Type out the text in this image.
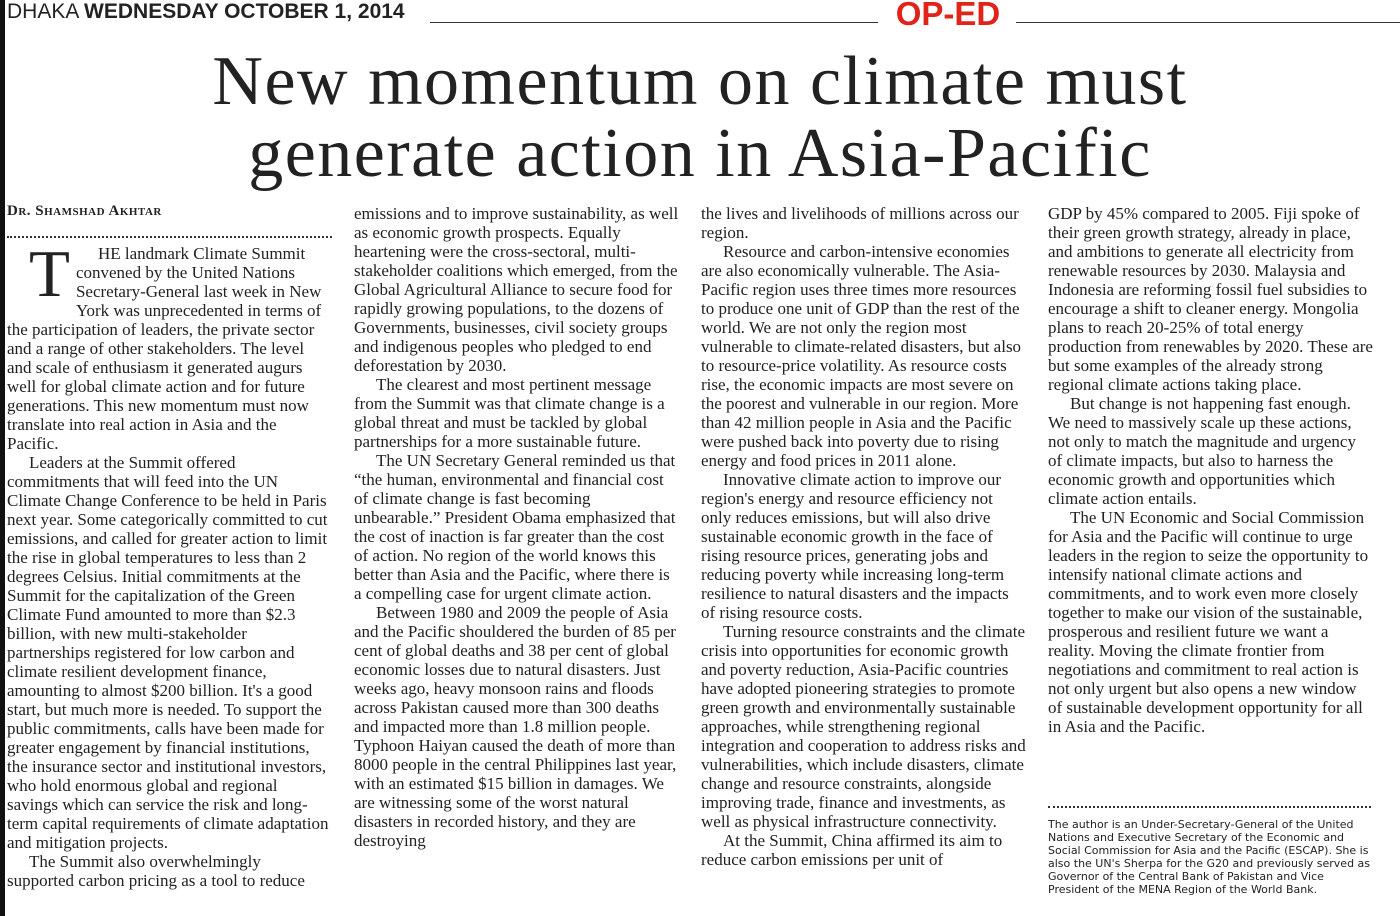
DHAKA WEDNESDAY OCTOBER 1, 2014	OP-ED
New momentum on climate must
generate action in Asia-Pacific
Dr. Shamshad Akhtar

T HE landmark Climate Summit convened by the United Nations Secretary-General last week in New York was unprecedented in terms of the participation of leaders, the private sector and a range of other stakeholders. The level and scale of enthusiasm it generated augurs well for global climate action and for future generations. This new momentum must now translate into real action in Asia and the Pacific.

Leaders at the Summit offered commitments that will feed into the UN Climate Change Conference to be held in Paris next year. Some categorically committed to cut emissions, and called for greater action to limit the rise in global temperatures to less than 2 degrees Celsius. Initial commitments at the Summit for the capitalization of the Green Climate Fund amounted to more than $2.3 billion, with new multi-stakeholder partnerships registered for low carbon and climate resilient development finance, amounting to almost $200 billion. It's a good start, but much more is needed. To support the public commitments, calls have been made for greater engagement by financial institutions, the insurance sector and institutional investors, who hold enormous global and regional savings which can service the risk and long-term capital requirements of climate adaptation and mitigation projects.

The Summit also overwhelmingly supported carbon pricing as a tool to reduce

emissions and to improve sustainability, as well as economic growth prospects. Equally heartening were the cross-sectoral, multi-stakeholder coalitions which emerged, from the Global Agricultural Alliance to secure food for rapidly growing populations, to the dozens of Governments, businesses, civil society groups and indigenous peoples who pledged to end deforestation by 2030.

The clearest and most pertinent message from the Summit was that climate change is a global threat and must be tackled by global partnerships for a more sustainable future.

The UN Secretary General reminded us that “the human, environmental and financial cost of climate change is fast becoming unbearable.” President Obama emphasized that the cost of inaction is far greater than the cost of action. No region of the world knows this better than Asia and the Pacific, where there is a compelling case for urgent climate action.

Between 1980 and 2009 the people of Asia and the Pacific shouldered the burden of 85 per cent of global deaths and 38 per cent of global economic losses due to natural disasters. Just weeks ago, heavy monsoon rains and floods across Pakistan caused more than 300 deaths and impacted more than 1.8 million people. Typhoon Haiyan caused the death of more than 8000 people in the central Philippines last year, with an estimated $15 billion in damages. We are witnessing some of the worst natural disasters in recorded history, and they are destroying

the lives and livelihoods of millions across our region.

Resource and carbon-intensive economies are also economically vulnerable. The Asia-Pacific region uses three times more resources to produce one unit of GDP than the rest of the world. We are not only the region most vulnerable to climate-related disasters, but also to resource-price volatility. As resource costs rise, the economic impacts are most severe on the poorest and vulnerable in our region. More than 42 million people in Asia and the Pacific were pushed back into poverty due to rising energy and food prices in 2011 alone.

Innovative climate action to improve our region's energy and resource efficiency not only reduces emissions, but will also drive sustainable economic growth in the face of rising resource prices, generating jobs and reducing poverty while increasing long-term resilience to natural disasters and the impacts of rising resource costs.

Turning resource constraints and the climate crisis into opportunities for economic growth and poverty reduction, Asia-Pacific countries have adopted pioneering strategies to promote green growth and environmentally sustainable approaches, while strengthening regional integration and cooperation to address risks and vulnerabilities, which include disasters, climate change and resource constraints, alongside improving trade, finance and investments, as well as physical infrastructure connectivity.

At the Summit, China affirmed its aim to reduce carbon emissions per unit of

GDP by 45% compared to 2005. Fiji spoke of their green growth strategy, already in place, and ambitions to generate all electricity from renewable resources by 2030. Malaysia and Indonesia are reforming fossil fuel subsidies to encourage a shift to cleaner energy. Mongolia plans to reach 20-25% of total energy production from renewables by 2020. These are but some examples of the already strong regional climate actions taking place.

But change is not happening fast enough. We need to massively scale up these actions, not only to match the magnitude and urgency of climate impacts, but also to harness the economic growth and opportunities which climate action entails.

The UN Economic and Social Commission for Asia and the Pacific will continue to urge leaders in the region to seize the opportunity to intensify national climate actions and commitments, and to work even more closely together to make our vision of the sustainable, prosperous and resilient future we want a reality. Moving the climate frontier from negotiations and commitment to real action is not only urgent but also opens a new window of sustainable development opportunity for all in Asia and the Pacific.

The author is an Under-Secretary-General of the United Nations and Executive Secretary of the Economic and Social Commission for Asia and the Pacific (ESCAP). She is also the UN's Sherpa for the G20 and previously served as Governor of the Central Bank of Pakistan and Vice President of the MENA Region of the World Bank.
